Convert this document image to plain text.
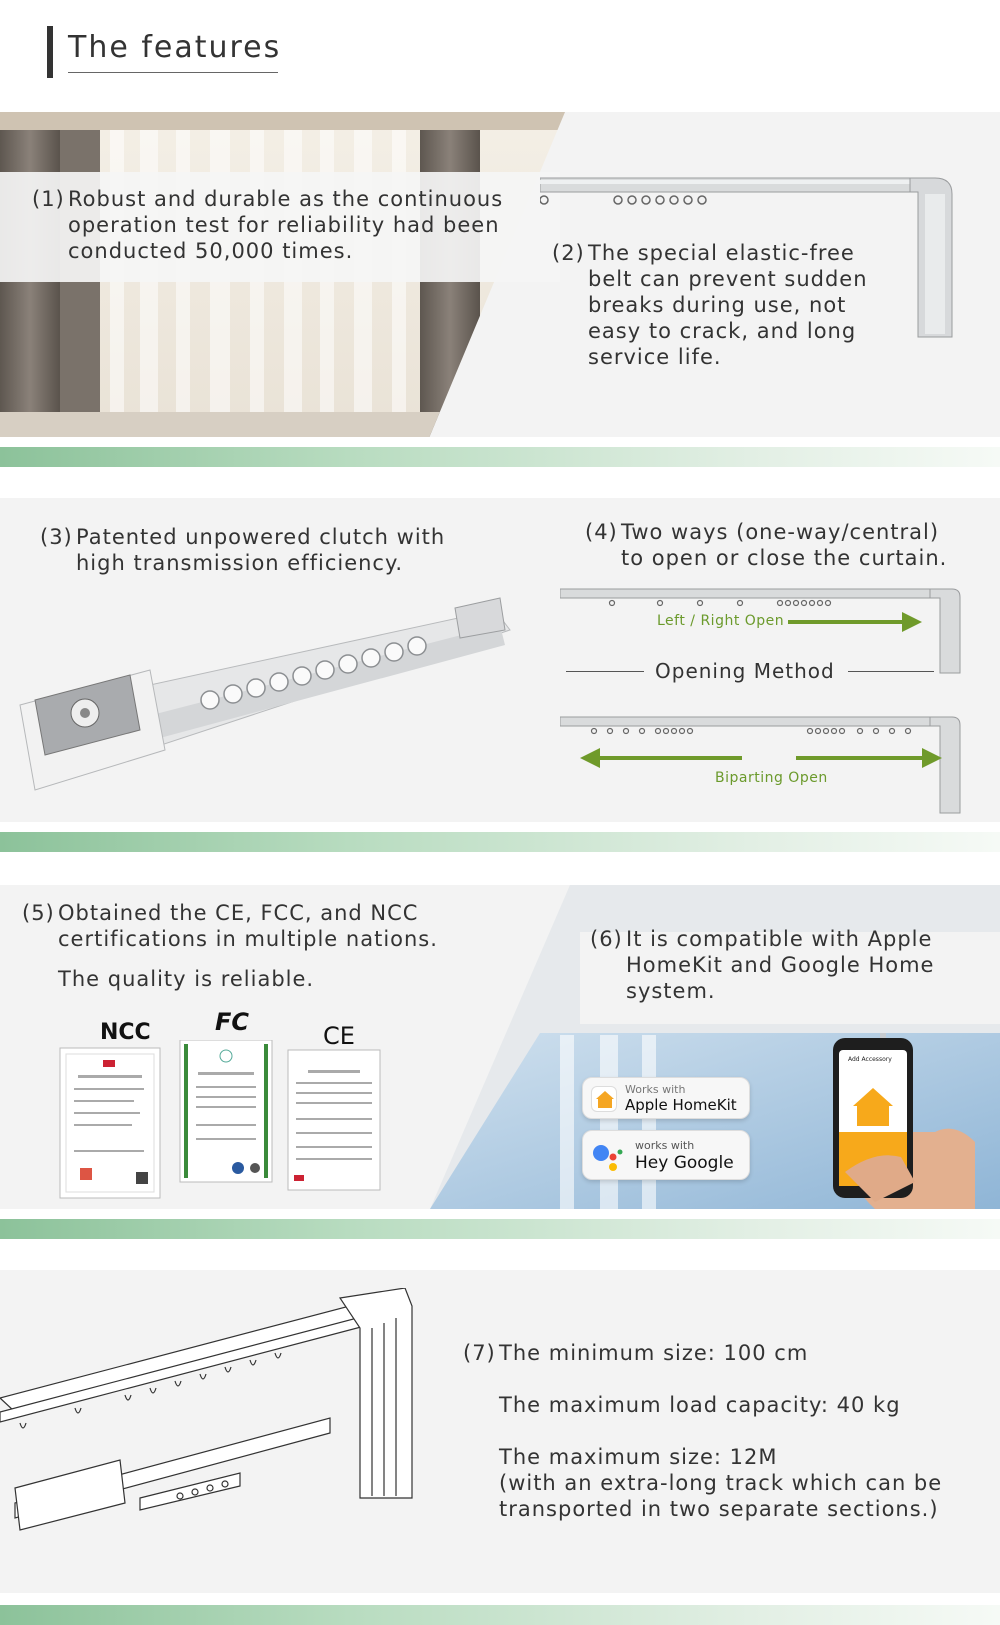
The features
(1) Robust and durable as the continuous
operation test for reliability had been
conducted 50,000 times.	(2) The special elastic-free
belt can prevent sudden
breaks during use, not
easy to crack, and long
service life.
(3) Patented unpowered clutch with
high transmission efficiency.
(4) Two ways (one-way/central)
to open or close the curtain.
Left / Right Open
Opening Method
Biparting Open
(5) Obtained the CE, FCC, and NCC
certifications in multiple nations.
The quality is reliable.
NCC	FC	CE
(6) It is compatible with Apple
HomeKit and Google Home
system.
Works with
Apple HomeKit
works with
Hey Google
Add Accessory
(7) The minimum size: 100 cm
The maximum load capacity: 40 kg
The maximum size: 12M
(with an extra-long track which can be
transported in two separate sections.)
